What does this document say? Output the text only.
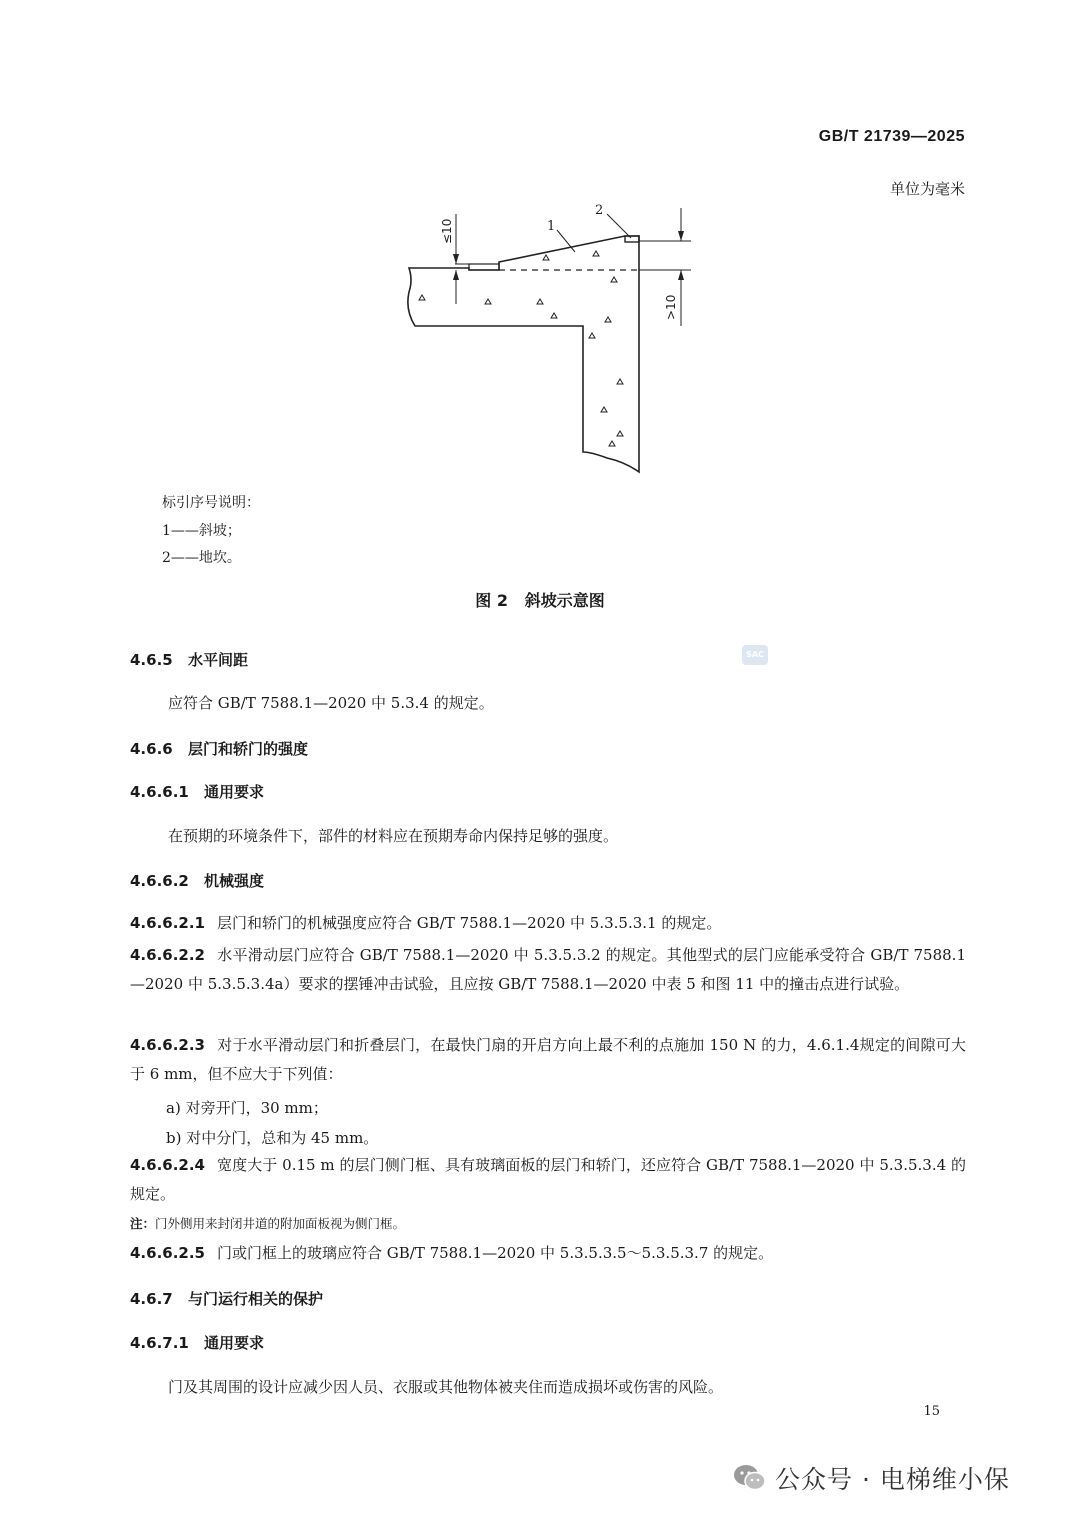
GB/T 21739—2025
单位为毫米
1
2
≤10
>10
标引序号说明：
1——斜坡；
2——地坎。
图 2   斜坡示意图
SAC
4.6.5 水平间距
应符合 GB/T 7588.1—2020 中 5.3.4 的规定。
4.6.6 层门和轿门的强度
4.6.6.1 通用要求
在预期的环境条件下，部件的材料应在预期寿命内保持足够的强度。
4.6.6.2 机械强度
4.6.6.2.1 层门和轿门的机械强度应符合 GB/T 7588.1—2020 中 5.3.5.3.1 的规定。
4.6.6.2.2 水平滑动层门应符合 GB/T 7588.1—2020 中 5.3.5.3.2 的规定。其他型式的层门应能承受符合 GB/T 7588.1—2020 中 5.3.5.3.4a）要求的摆锤冲击试验，且应按 GB/T 7588.1—2020 中表 5 和图 11 中的撞击点进行试验。
4.6.6.2.3 对于水平滑动层门和折叠层门，在最快门扇的开启方向上最不利的点施加 150 N 的力，4.6.1.4规定的间隙可大于 6 mm，但不应大于下列值：
a) 对旁开门，30 mm；
b) 对中分门，总和为 45 mm。
4.6.6.2.4 宽度大于 0.15 m 的层门侧门框、具有玻璃面板的层门和轿门，还应符合 GB/T 7588.1—2020 中 5.3.5.3.4 的规定。
注：门外侧用来封闭井道的附加面板视为侧门框。
4.6.6.2.5 门或门框上的玻璃应符合 GB/T 7588.1—2020 中 5.3.5.3.5～5.3.5.3.7 的规定。
4.6.7 与门运行相关的保护
4.6.7.1 通用要求
门及其周围的设计应减少因人员、衣服或其他物体被夹住而造成损坏或伤害的风险。
15
公众号 · 电梯维小保
